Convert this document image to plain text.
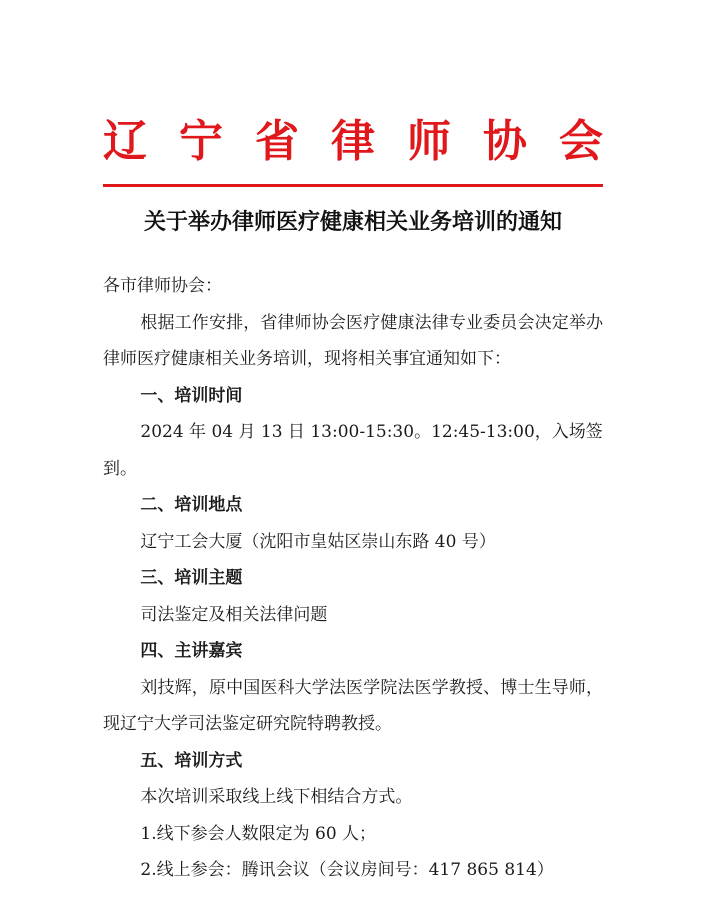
辽宁省律师协会
关于举办律师医疗健康相关业务培训的通知

各市律师协会：

根据工作安排，省律师协会医疗健康法律专业委员会决定举办律师医疗健康相关业务培训，现将相关事宜通知如下：

一、培训时间

2024 年 04 月 13 日 13:00-15:30。12:45-13:00，入场签到。

二、培训地点

辽宁工会大厦（沈阳市皇姑区崇山东路 40 号）

三、培训主题

司法鉴定及相关法律问题

四、主讲嘉宾

刘技辉，原中国医科大学法医学院法医学教授、博士生导师，现辽宁大学司法鉴定研究院特聘教授。

五、培训方式

本次培训采取线上线下相结合方式。

1.线下参会人数限定为 60 人；

2.线上参会：腾讯会议（会议房间号：417 865 814）
